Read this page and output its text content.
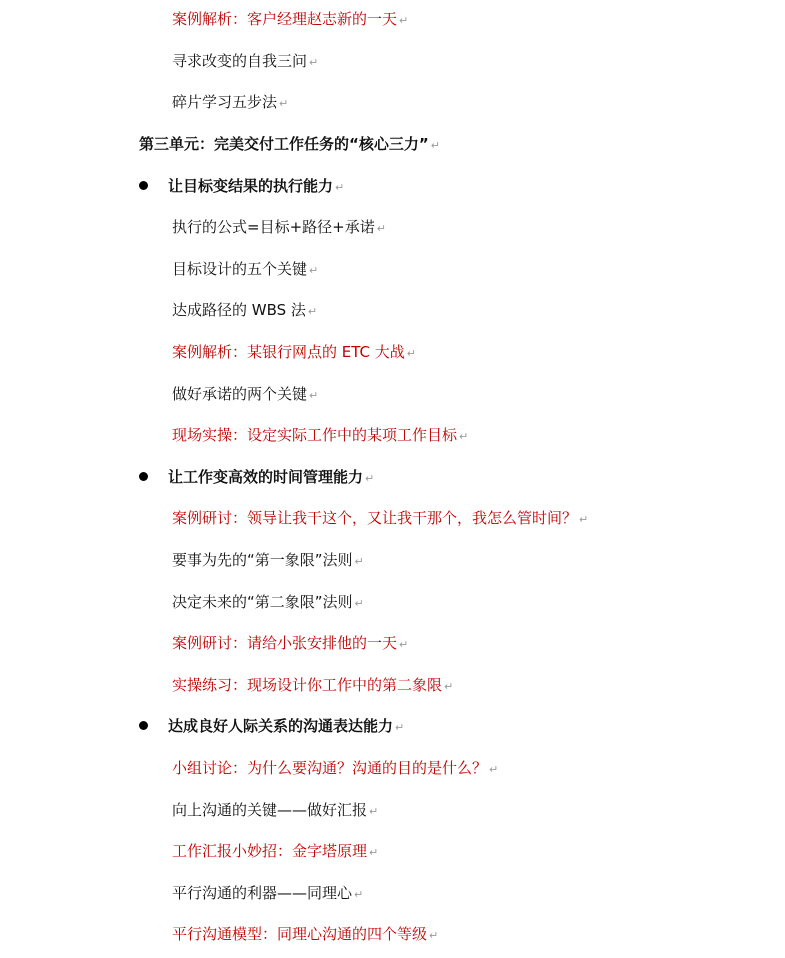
案例解析：客户经理赵志新的一天 ↵
寻求改变的自我三问 ↵
碎片学习五步法 ↵
第三单元：完美交付工作任务的“核心三力” ↵
让目标变结果的执行能力 ↵
执行的公式=目标+路径+承诺 ↵
目标设计的五个关键 ↵
达成路径的 WBS 法 ↵
案例解析：某银行网点的 ETC 大战 ↵
做好承诺的两个关键 ↵
现场实操：设定实际工作中的某项工作目标 ↵
让工作变高效的时间管理能力 ↵
案例研讨：领导让我干这个，又让我干那个，我怎么管时间？ ↵
要事为先的“第一象限”法则 ↵
决定未来的“第二象限”法则 ↵
案例研讨：请给小张安排他的一天 ↵
实操练习：现场设计你工作中的第二象限 ↵
达成良好人际关系的沟通表达能力 ↵
小组讨论：为什么要沟通？沟通的目的是什么？ ↵
向上沟通的关键——做好汇报 ↵
工作汇报小妙招：金字塔原理 ↵
平行沟通的利器——同理心 ↵
平行沟通模型：同理心沟通的四个等级 ↵
